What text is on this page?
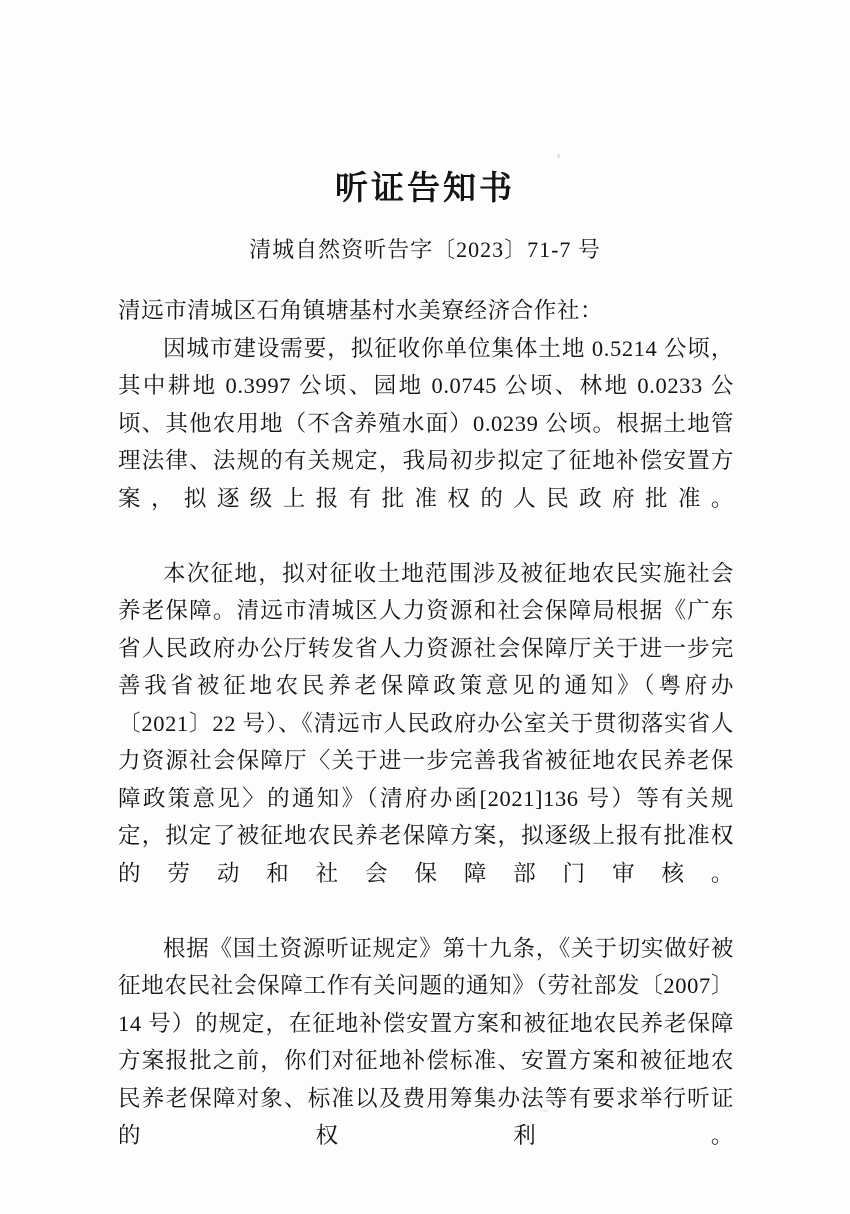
听证告知书
清城自然资听告字〔2023〕71-7 号
清远市清城区石角镇塘基村水美寮经济合作社：

因城市建设需要，拟征收你单位集体土地 0.5214 公顷，其中耕地 0.3997 公顷、园地 0.0745 公顷、林地 0.0233 公顷、其他农用地（不含养殖水面）0.0239 公顷。根据土地管理法律、法规的有关规定，我局初步拟定了征地补偿安置方案，拟逐级上报有批准权的人民政府批准。

本次征地，拟对征收土地范围涉及被征地农民实施社会养老保障。清远市清城区人力资源和社会保障局根据《广东省人民政府办公厅转发省人力资源社会保障厅关于进一步完善我省被征地农民养老保障政策意见的通知》（粤府办〔2021〕22 号）、《清远市人民政府办公室关于贯彻落实省人力资源社会保障厅〈关于进一步完善我省被征地农民养老保障政策意见〉的通知》（清府办函[2021]136 号）等有关规定，拟定了被征地农民养老保障方案，拟逐级上报有批准权的劳动和社会保障部门审核。

根据《国土资源听证规定》第十九条，《关于切实做好被征地农民社会保障工作有关问题的通知》（劳社部发〔2007〕14 号）的规定，在征地补偿安置方案和被征地农民养老保障方案报批之前，你们对征地补偿标准、安置方案和被征地农民养老保障对象、标准以及费用筹集办法等有要求举行听证的权利。
